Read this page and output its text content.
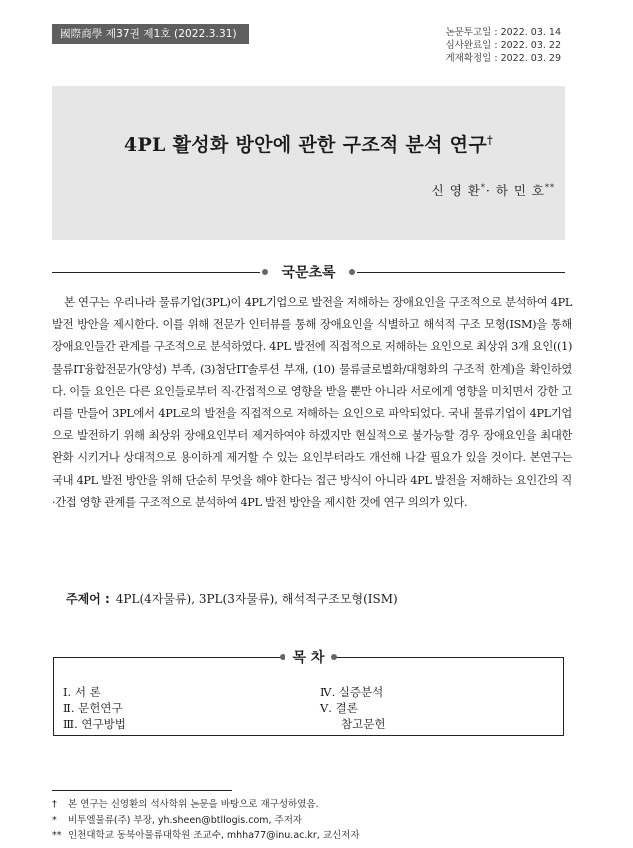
國際商學 제37권 제1호 (2022.3.31)	논문투고일 : 2022. 03. 14
심사완료일 : 2022. 03. 22
게재확정일 : 2022. 03. 29
4PL 활성화 방안에 관한 구조적 분석 연구†
신 영 환*· 하 민 호**
국문초록
본 연구는 우리나라 물류기업(3PL)이 4PL기업으로 발전을 저해하는 장애요인을 구조적으로 분석하여 4PL 발전 방안을 제시한다. 이를 위해 전문가 인터뷰를 통해 장애요인을 식별하고 해석적 구조 모형(ISM)을 통해 장애요인들간 관계를 구조적으로 분석하였다. 4PL 발전에 직접적으로 저해하는 요인으로 최상위 3개 요인((1)물류IT융합전문가(양성) 부족, (3)첨단IT솔루션 부재, (10) 물류글로벌화/대형화의 구조적 한계)을 확인하였다. 이들 요인은 다른 요인들로부터 직·간접적으로 영향을 받을 뿐만 아니라 서로에게 영향을 미치면서 강한 고리를 만들어 3PL에서 4PL로의 발전을 직접적으로 저해하는 요인으로 파악되었다. 국내 물류기업이 4PL기업으로 발전하기 위해 최상위 장애요인부터 제거하여야 하겠지만 현실적으로 불가능할 경우 장애요인을 최대한 완화 시키거나 상대적으로 용이하게 제거할 수 있는 요인부터라도 개선해 나갈 필요가 있을 것이다. 본연구는 국내 4PL 발전 방안을 위해 단순히 무엇을 해야 한다는 접근 방식이 아니라 4PL 발전을 저해하는 요인간의 직·간접 영향 관계를 구조적으로 분석하여 4PL 발전 방안을 제시한 것에 연구 의의가 있다.
주제어 : 4PL(4자물류), 3PL(3자물류), 해석적구조모형(ISM)
목 차
Ⅰ. 서 론
Ⅱ. 문헌연구
Ⅲ. 연구방법
Ⅳ. 실증분석
Ⅴ. 결론
참고문헌
† 본 연구는 신영환의 석사학위 논문을 바탕으로 재구성하였음.
* 비투엘물류(주) 부장, yh.sheen@btllogis.com, 주저자
** 인천대학교 동북아물류대학원 조교수, mhha77@inu.ac.kr, 교신저자
